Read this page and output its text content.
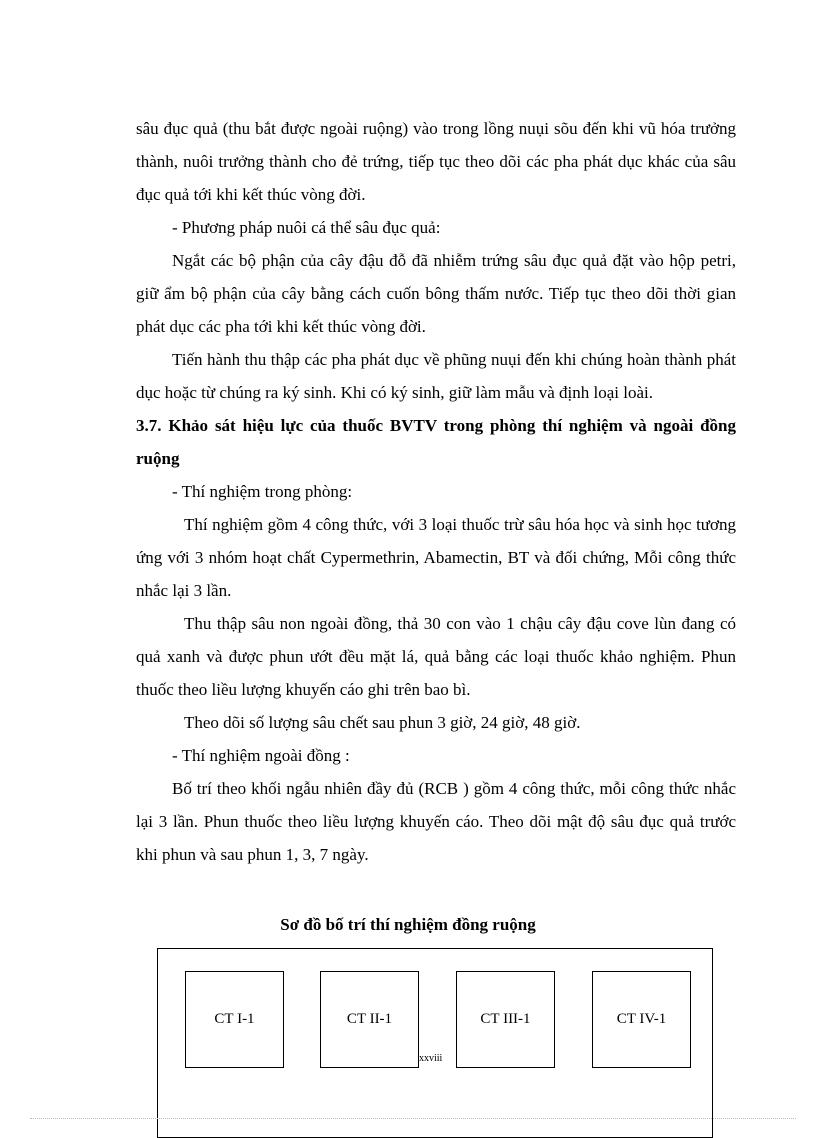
sâu đục quả (thu bắt được ngoài ruộng) vào trong lồng nuụi sõu đến khi vũ hóa trưởng thành, nuôi trưởng thành cho đẻ trứng, tiếp tục theo dõi các pha phát dục khác của sâu đục quả tới khi kết thúc vòng đời.

- Phương pháp nuôi cá thể sâu đục quả:

Ngắt các bộ phận của cây đậu đỗ đã nhiễm trứng sâu đục quả đặt vào hộp petri, giữ ẩm bộ phận của cây bằng cách cuốn bông thấm nước. Tiếp tục theo dõi thời gian phát dục các pha tới khi kết thúc vòng đời.

Tiến hành thu thập các pha phát dục về phũng nuụi đến khi chúng hoàn thành phát dục hoặc từ chúng ra ký sinh. Khi có ký sinh, giữ làm mẫu và định loại loài.

3.7. Khảo sát hiệu lực của thuốc BVTV trong phòng thí nghiệm và ngoài đồng ruộng

- Thí nghiệm trong phòng:

Thí nghiệm gồm 4 công thức, với 3 loại thuốc trừ sâu hóa học và sinh học tương ứng với 3 nhóm hoạt chất Cypermethrin, Abamectin, BT và đối chứng, Mỗi công thức nhắc lại 3 lần.

Thu thập sâu non ngoài đồng, thả 30 con vào 1 chậu cây đậu cove lùn đang có quả xanh và được phun ướt đều mặt lá, quả bằng các loại thuốc khảo nghiệm. Phun thuốc theo liều lượng khuyến cáo ghi trên bao bì.

Theo dõi số lượng sâu chết sau phun 3 giờ, 24 giờ, 48 giờ.

- Thí nghiệm ngoài đồng :

Bố trí theo khối ngẫu nhiên đầy đủ (RCB ) gồm 4 công thức, mỗi công thức nhắc lại 3 lần. Phun thuốc theo liều lượng khuyến cáo. Theo dõi mật độ sâu đục quả trước khi phun và sau phun 1, 3, 7 ngày.

Sơ đồ bố trí thí nghiệm đồng ruộng
CT I-1	CT II-1	CT III-1	CT IV-1
xxviii
